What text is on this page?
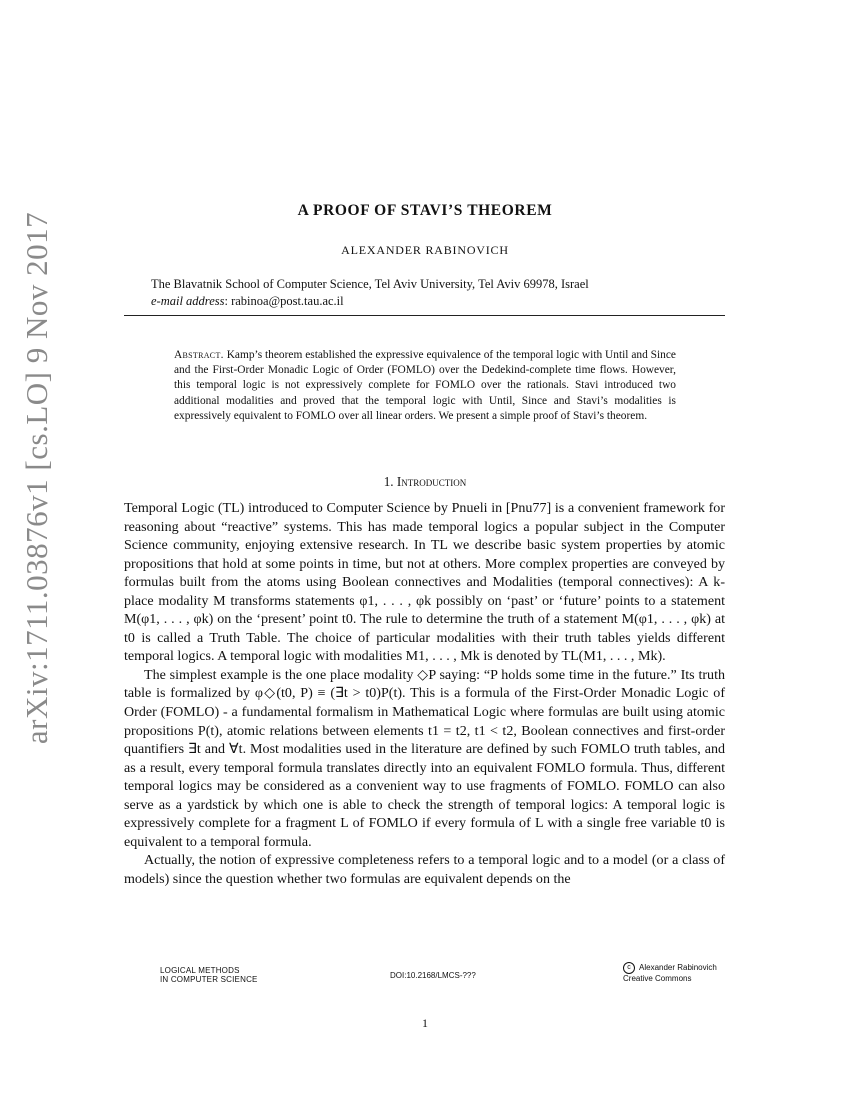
arXiv:1711.03876v1 [cs.LO] 9 Nov 2017
A PROOF OF STAVI’S THEOREM
ALEXANDER RABINOVICH
The Blavatnik School of Computer Science, Tel Aviv University, Tel Aviv 69978, Israel
e-mail address: rabinoa@post.tau.ac.il

Abstract. Kamp’s theorem established the expressive equivalence of the temporal logic with Until and Since and the First-Order Monadic Logic of Order (FOMLO) over the Dedekind-complete time flows. However, this temporal logic is not expressively complete for FOMLO over the rationals. Stavi introduced two additional modalities and proved that the temporal logic with Until, Since and Stavi’s modalities is expressively equivalent to FOMLO over all linear orders. We present a simple proof of Stavi’s theorem.

1. Introduction

Temporal Logic (TL) introduced to Computer Science by Pnueli in [Pnu77] is a convenient framework for reasoning about “reactive” systems. This has made temporal logics a popular subject in the Computer Science community, enjoying extensive research. In TL we describe basic system properties by atomic propositions that hold at some points in time, but not at others. More complex properties are conveyed by formulas built from the atoms using Boolean connectives and Modalities (temporal connectives): A k-place modality M transforms statements φ1, . . . , φk possibly on ‘past’ or ‘future’ points to a statement M(φ1, . . . , φk) on the ‘present’ point t0. The rule to determine the truth of a statement M(φ1, . . . , φk) at t0 is called a Truth Table. The choice of particular modalities with their truth tables yields different temporal logics. A temporal logic with modalities M1, . . . , Mk is denoted by TL(M1, . . . , Mk).

The simplest example is the one place modality ◇P saying: “P holds some time in the future.” Its truth table is formalized by φ◇(t0, P) ≡ (∃t > t0)P(t). This is a formula of the First-Order Monadic Logic of Order (FOMLO) - a fundamental formalism in Mathematical Logic where formulas are built using atomic propositions P(t), atomic relations between elements t1 = t2, t1 < t2, Boolean connectives and first-order quantifiers ∃t and ∀t. Most modalities used in the literature are defined by such FOMLO truth tables, and as a result, every temporal formula translates directly into an equivalent FOMLO formula. Thus, different temporal logics may be considered as a convenient way to use fragments of FOMLO. FOMLO can also serve as a yardstick by which one is able to check the strength of temporal logics: A temporal logic is expressively complete for a fragment L of FOMLO if every formula of L with a single free variable t0 is equivalent to a temporal formula.

Actually, the notion of expressive completeness refers to a temporal logic and to a model (or a class of models) since the question whether two formulas are equivalent depends on the

LOGICAL METHODS
IN COMPUTER SCIENCE	DOI:10.2168/LMCS-???
c Alexander Rabinovich
Creative Commons
1
